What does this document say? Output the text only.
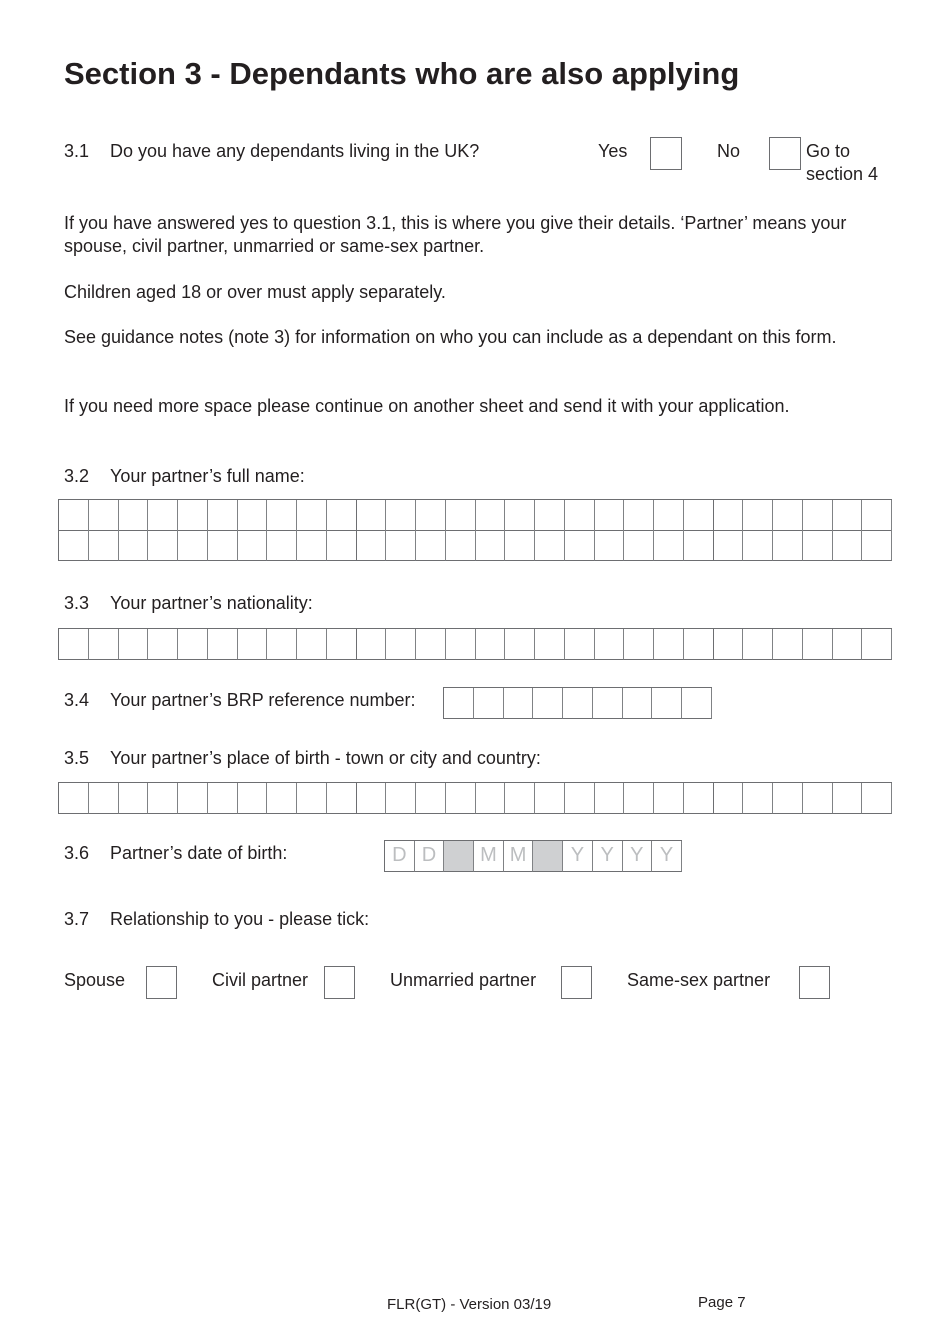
Section 3 - Dependants who are also applying
3.1 Do you have any dependants living in the UK?	Yes	No	Go to
section 4
If you have answered yes to question 3.1, this is where you give their details. ‘Partner’ means your spouse, civil partner, unmarried or same-sex partner.
Children aged 18 or over must apply separately.
See guidance notes (note 3) for information on who you can include as a dependant on this form.
If you need more space please continue on another sheet and send it with your application.
3.2 Your partner’s full name:
3.3 Your partner’s nationality:
3.4 Your partner’s BRP reference number:
3.5 Your partner’s place of birth - town or city and country:
3.6 Partner’s date of birth:	D D	M M	Y Y Y Y
3.7 Relationship to you - please tick:
Spouse	Civil partner	Unmarried partner	Same-sex partner
FLR(GT) - Version 03/19	Page 7
